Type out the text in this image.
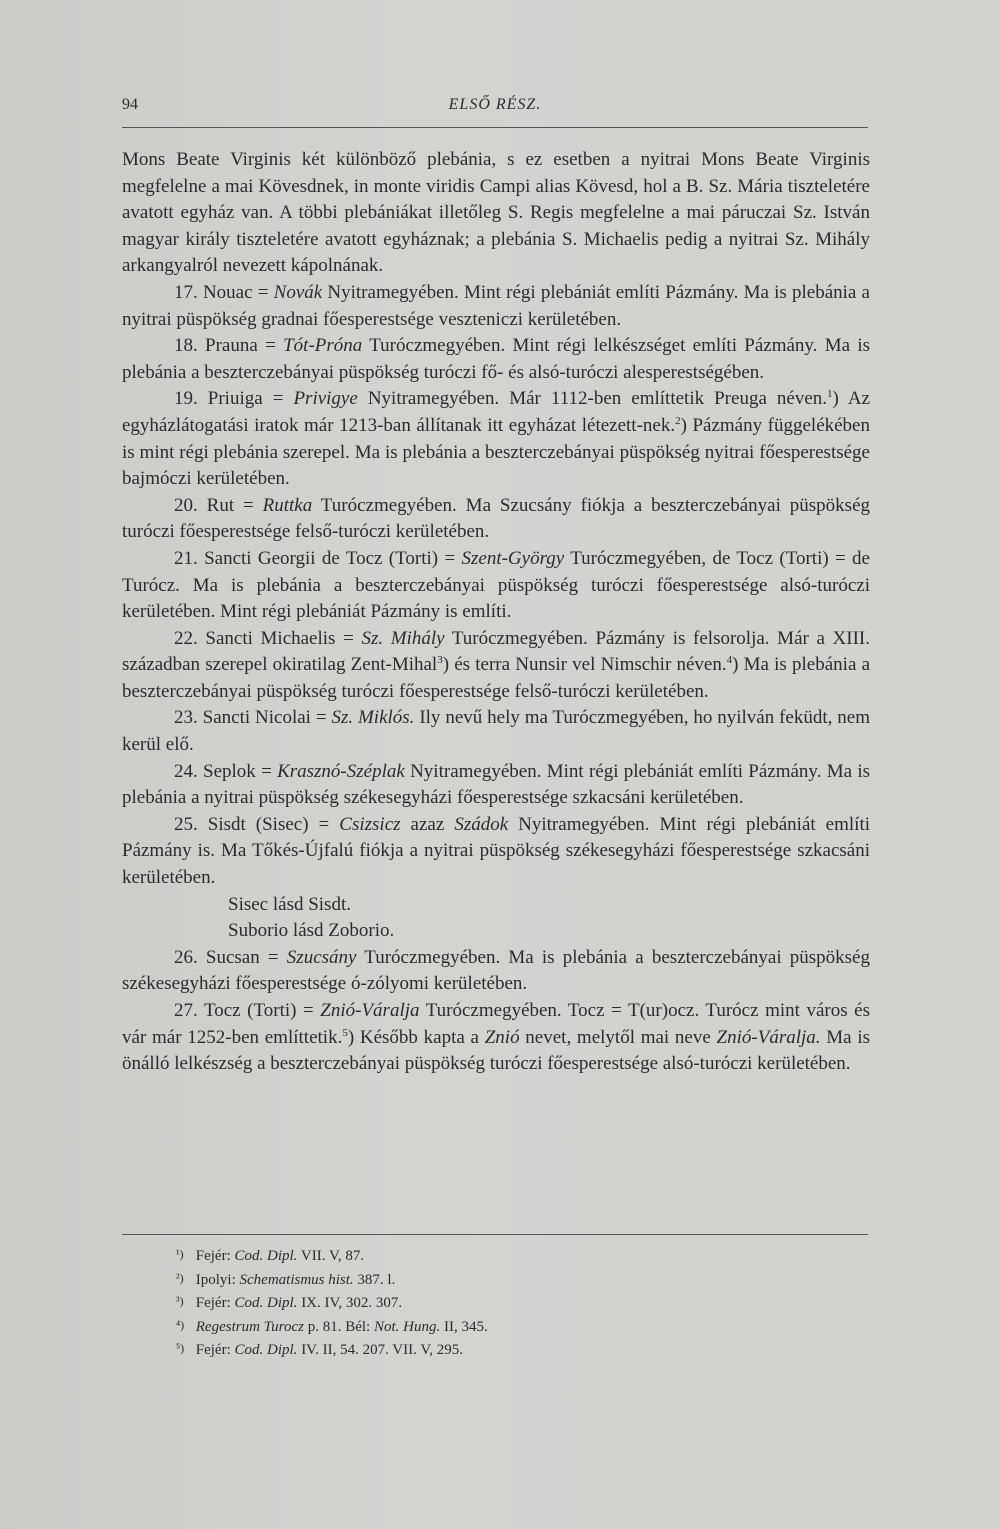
94	ELSŐ RÉSZ.

Mons Beate Virginis két különböző plebánia, s ez esetben a nyitrai Mons Beate Virginis megfelelne a mai Kövesdnek, in monte viridis Campi alias Kövesd, hol a B. Sz. Mária tiszteletére avatott egyház van. A többi plebániákat illetőleg S. Regis megfelelne a mai páruczai Sz. István magyar király tiszteletére avatott egyháznak; a plebánia S. Michaelis pedig a nyitrai Sz. Mihály arkangyalról nevezett kápolnának.

17. Nouac = Novák Nyitramegyében. Mint régi plebániát említi Pázmány. Ma is plebánia a nyitrai püspökség gradnai főesperestsége veszteniczi kerületében.

18. Prauna = Tót-Próna Turóczmegyében. Mint régi lelkészséget említi Pázmány. Ma is plebánia a beszterczebányai püspökség turóczi fő- és alsó-turóczi alesperestségében.

19. Priuiga = Privigye Nyitramegyében. Már 1112-ben említtetik Preuga néven.$^1$) Az egyházlátogatási iratok már 1213-ban állítanak itt egyházat létezett-nek.$^2$) Pázmány függelékében is mint régi plebánia szerepel. Ma is plebánia a beszterczebányai püspökség nyitrai főesperestsége bajmóczi kerületében.

20. Rut = Ruttka Turóczmegyében. Ma Szucsány fiókja a beszterczebányai püspökség turóczi főesperestsége felső-turóczi kerületében.

21. Sancti Georgii de Tocz (Torti) = Szent-György Turóczmegyében, de Tocz (Torti) = de Turócz. Ma is plebánia a beszterczebányai püspökség turóczi főesperestsége alsó-turóczi kerületében. Mint régi plebániát Pázmány is említi.

22. Sancti Michaelis = Sz. Mihály Turóczmegyében. Pázmány is felsorolja. Már a XIII. században szerepel okiratilag Zent-Mihal$^3$) és terra Nunsir vel Nimschir néven.$^4$) Ma is plebánia a beszterczebányai püspökség turóczi főesperestsége felső-turóczi kerületében.

23. Sancti Nicolai = Sz. Miklós. Ily nevű hely ma Turóczmegyében, ho nyilván feküdt, nem kerül elő.

24. Seplok = Krasznó-Széplak Nyitramegyében. Mint régi plebániát említi Pázmány. Ma is plebánia a nyitrai püspökség székesegyházi főesperestsége szkacsáni kerületében.

25. Sisdt (Sisec) = Csizsicz azaz Szádok Nyitramegyében. Mint régi plebániát említi Pázmány is. Ma Tőkés-Újfalú fiókja a nyitrai püspökség székesegyházi főesperestsége szkacsáni kerületében.

Sisec lásd Sisdt.

Suborio lásd Zoborio.

26. Sucsan = Szucsány Turóczmegyében. Ma is plebánia a beszterczebányai püspökség székesegyházi főesperestsége ó-zólyomi kerületében.

27. Tocz (Torti) = Znió-Váralja Turóczmegyében. Tocz = T(ur)ocz. Turócz mint város és vár már 1252-ben említtetik.$^5$) Később kapta a Znió nevet, melytől mai neve Znió-Váralja. Ma is önálló lelkészség a beszterczebányai püspökség turóczi főesperestsége alsó-turóczi kerületében.

¹) Fejér: Cod. Dipl. VII. V, 87.
²) Ipolyi: Schematismus hist. 387. l.
³) Fejér: Cod. Dipl. IX. IV, 302. 307.
⁴) Regestrum Turocz p. 81. Bél: Not. Hung. II, 345.
⁵) Fejér: Cod. Dipl. IV. II, 54. 207. VII. V, 295.
